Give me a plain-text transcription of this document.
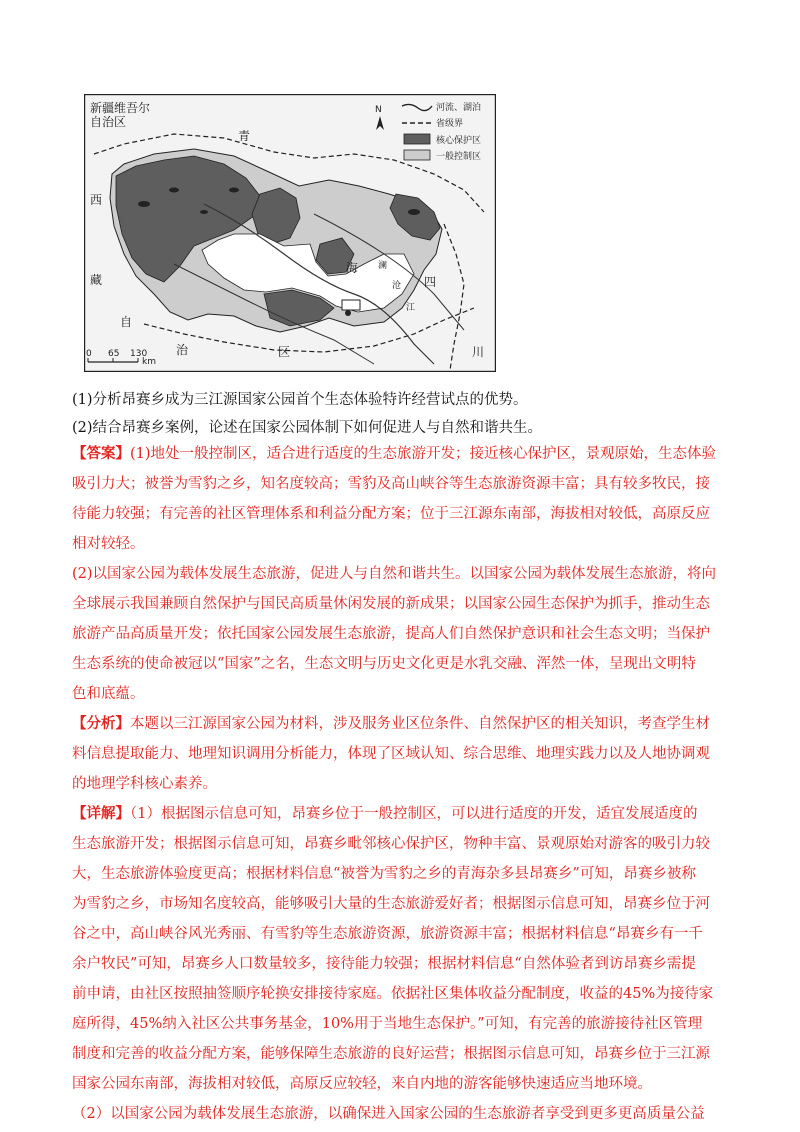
新疆维吾尔自治区
青
西
藏
自
治	区
海
四
川
澜
沧
江
N	河流、湖泊
省级界
核心保护区
一般控制区
0 65 130
km
(1)分析昂赛乡成为三江源国家公园首个生态体验特许经营试点的优势。
(2)结合昂赛乡案例，论述在国家公园体制下如何促进人与自然和谐共生。
【答案】(1)地处一般控制区，适合进行适度的生态旅游开发；接近核心保护区，景观原始，生态体验
吸引力大；被誉为雪豹之乡，知名度较高；雪豹及高山峡谷等生态旅游资源丰富；具有较多牧民，接
待能力较强；有完善的社区管理体系和利益分配方案；位于三江源东南部，海拔相对较低，高原反应
相对较轻。
(2)以国家公园为载体发展生态旅游，促进人与自然和谐共生。以国家公园为载体发展生态旅游，将向
全球展示我国兼顾自然保护与国民高质量休闲发展的新成果；以国家公园生态保护为抓手，推动生态
旅游产品高质量开发；依托国家公园发展生态旅游，提高人们自然保护意识和社会生态文明；当保护
生态系统的使命被冠以“国家”之名，生态文明与历史文化更是水乳交融、浑然一体，呈现出文明特
色和底蕴。
【分析】本题以三江源国家公园为材料，涉及服务业区位条件、自然保护区的相关知识，考查学生材
料信息提取能力、地理知识调用分析能力，体现了区域认知、综合思维、地理实践力以及人地协调观
的地理学科核心素养。
【详解】（1）根据图示信息可知，昂赛乡位于一般控制区，可以进行适度的开发，适宜发展适度的
生态旅游开发；根据图示信息可知，昂赛乡毗邻核心保护区，物种丰富、景观原始对游客的吸引力较
大，生态旅游体验度更高；根据材料信息“被誉为雪豹之乡的青海杂多县昂赛乡”可知，昂赛乡被称
为雪豹之乡，市场知名度较高，能够吸引大量的生态旅游爱好者；根据图示信息可知，昂赛乡位于河
谷之中，高山峡谷风光秀丽、有雪豹等生态旅游资源，旅游资源丰富；根据材料信息“昂赛乡有一千
余户牧民”可知，昂赛乡人口数量较多，接待能力较强；根据材料信息“自然体验者到访昂赛乡需提
前申请，由社区按照抽签顺序轮换安排接待家庭。依据社区集体收益分配制度，收益的45%为接待家
庭所得，45%纳入社区公共事务基金，10%用于当地生态保护。”可知，有完善的旅游接待社区管理
制度和完善的收益分配方案，能够保障生态旅游的良好运营；根据图示信息可知，昂赛乡位于三江源
国家公园东南部，海拔相对较低，高原反应较轻，来自内地的游客能够快速适应当地环境。
（2）以国家公园为载体发展生态旅游，以确保进入国家公园的生态旅游者享受到更多更高质量公益
